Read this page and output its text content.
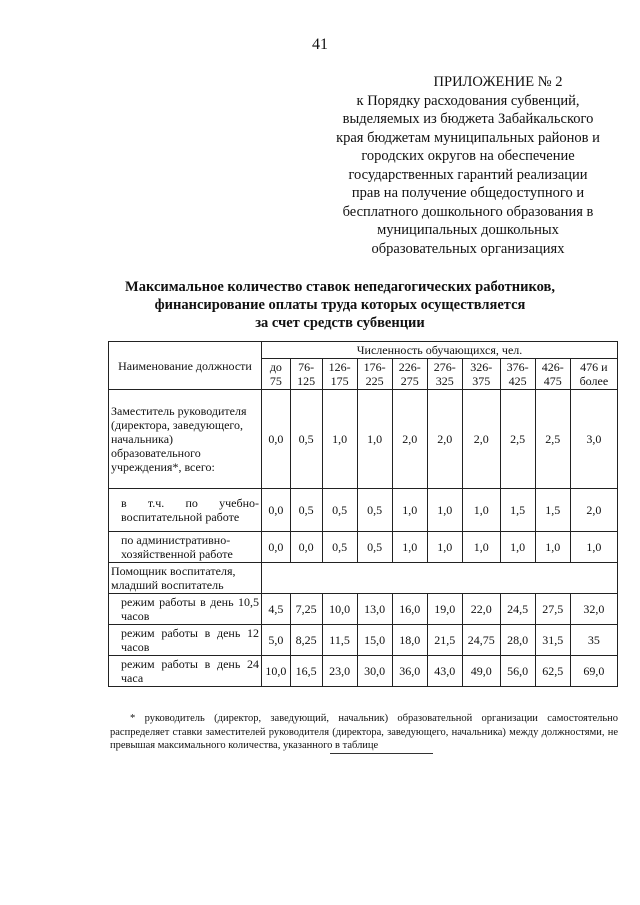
41
ПРИЛОЖЕНИЕ № 2
к Порядку расходования субвенций,
выделяемых из бюджета Забайкальского
края бюджетам муниципальных районов и
городских округов на обеспечение
государственных гарантий реализации
прав на получение общедоступного и
бесплатного дошкольного образования в
муниципальных дошкольных
образовательных организациях
Максимальное количество ставок непедагогических работников,
финансирование оплаты труда которых осуществляется
за счет средств субвенции
Наименование должности	Численность обучающихся, чел.									
	до 75	76-125	126-175	176-225	226-275	276-325	326-375	376-425	426-475	476 и более
Заместитель руководителя (директора, заведующего, начальника) образовательного учреждения*, всего:	0,0	0,5	1,0	1,0	2,0	2,0	2,0	2,5	2,5	3,0

в т.ч. по учебно-воспитательной работе	0,0	0,5	0,5	0,5	1,0	1,0	1,0	1,5	1,5	2,0

по административно-хозяйственной работе	0,0	0,0	0,5	0,5	1,0	1,0	1,0	1,0	1,0	1,0
Помощник воспитателя, младший воспитатель										

режим работы в день 10,5 часов	4,5	7,25	10,0	13,0	16,0	19,0	22,0	24,5	27,5	32,0

режим работы в день 12 часов	5,0	8,25	11,5	15,0	18,0	21,5	24,75	28,0	31,5	35

режим работы в день 24 часа	10,0	16,5	23,0	30,0	36,0	43,0	49,0	56,0	62,5	69,0
* руководитель (директор, заведующий, начальник) образовательной организации самостоятельно распределяет ставки заместителей руководителя (директора, заведующего, начальника) между должностями, не превышая максимального количества, указанного в таблице
